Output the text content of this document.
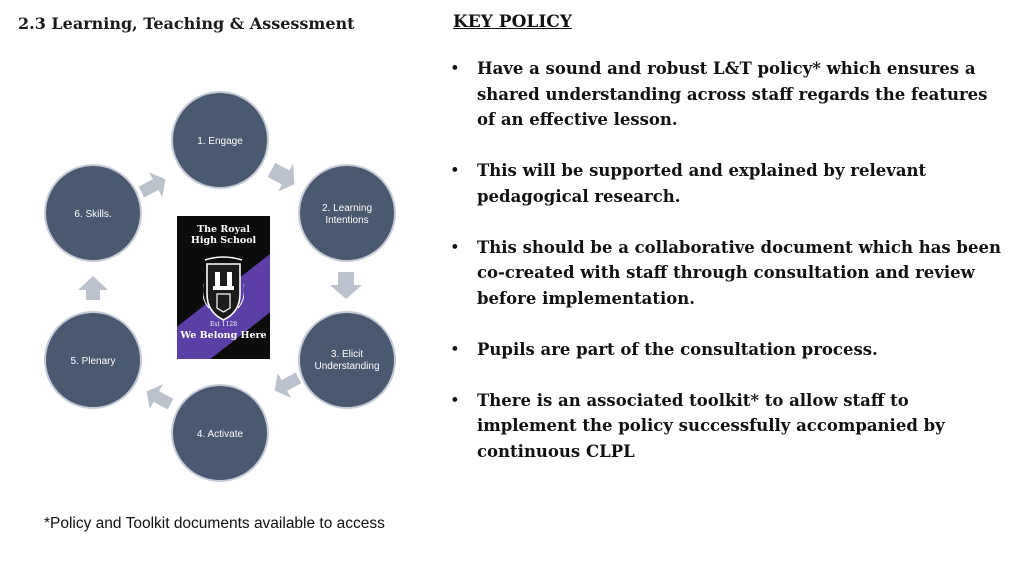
2.3 Learning, Teaching & Assessment
1. Engage
2. Learning
Intentions
3. Elicit
Understanding
4. Activate
5. Plenary
6. Skills.
The Royal
High School
Est 1128
We Belong Here
*Policy and Toolkit documents available to access
KEY POLICY
• Have a sound and robust L&T policy* which ensures a shared understanding across staff regards the features of an effective lesson.
• This will be supported and explained by relevant pedagogical research.
• This should be a collaborative document which has been co-created with staff through consultation and review before implementation.
• Pupils are part of the consultation process.
• There is an associated toolkit* to allow staff to implement the policy successfully accompanied by continuous CLPL
